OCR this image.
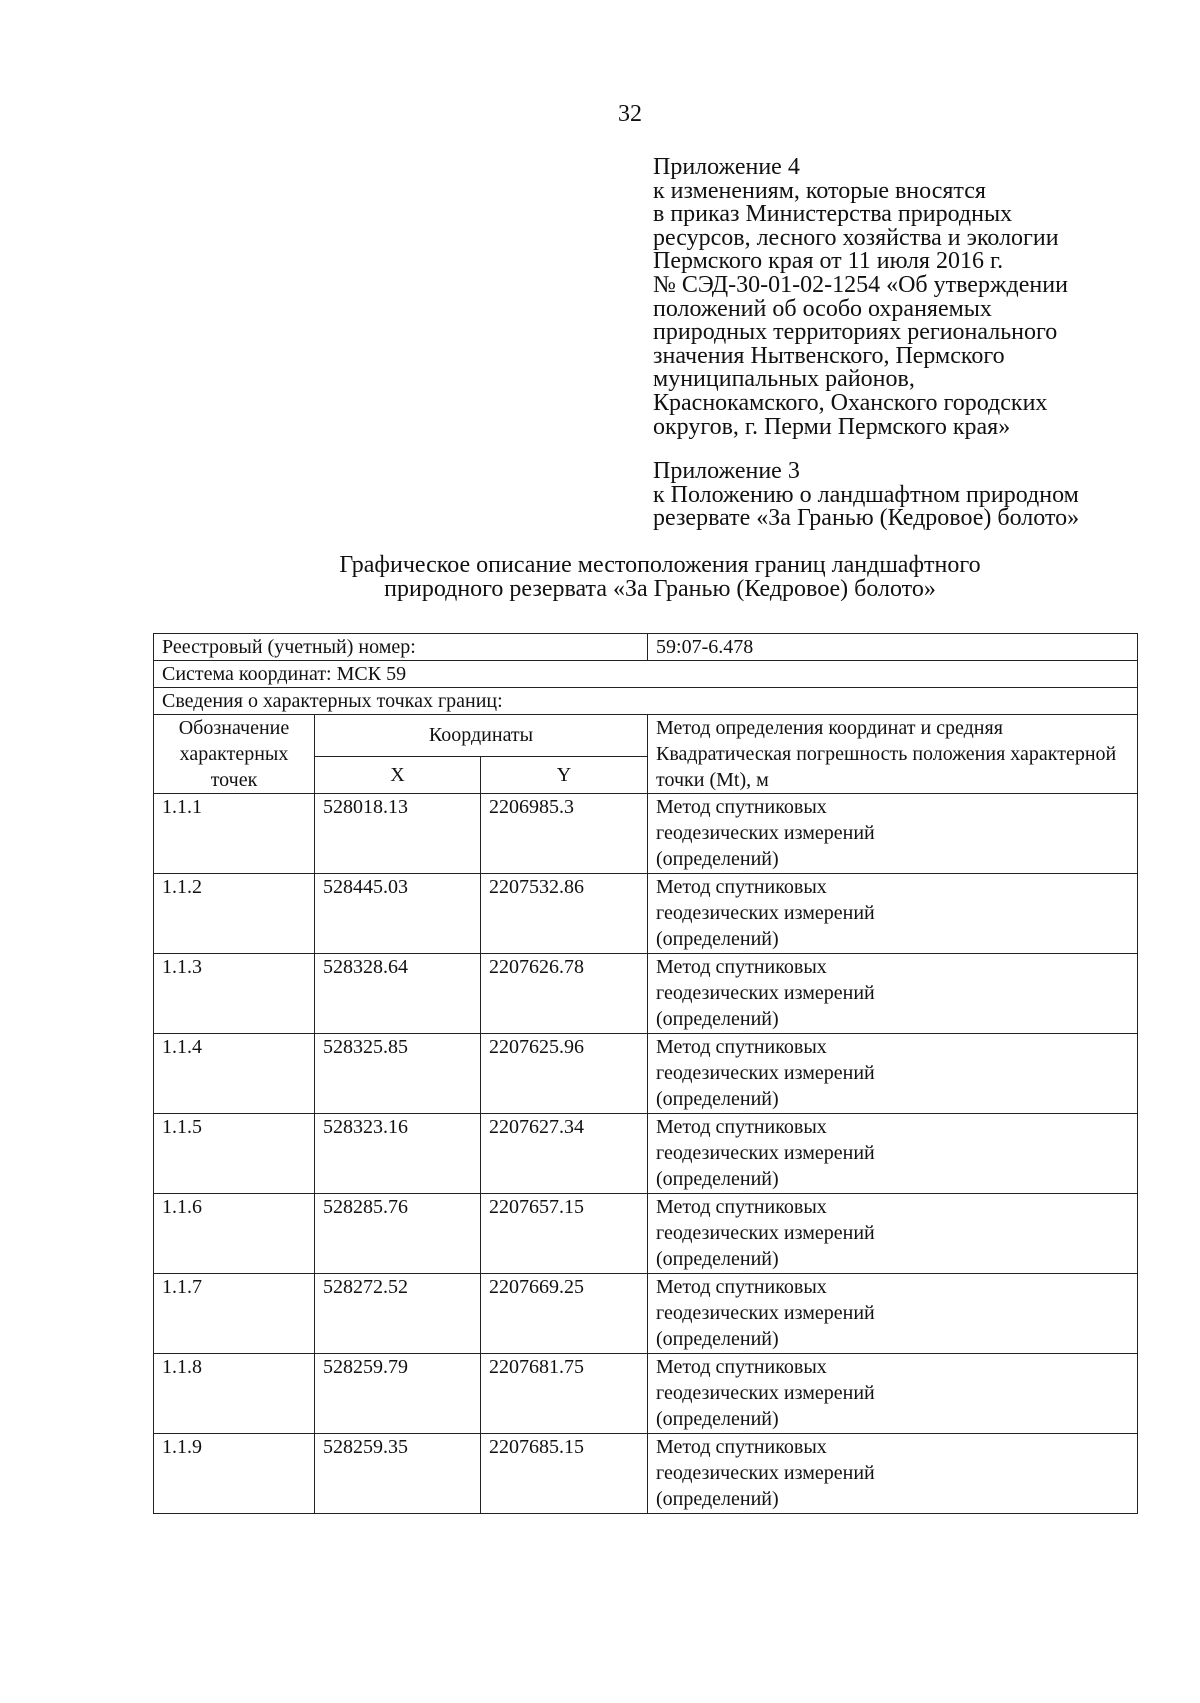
32
Приложение 4
к изменениям, которые вносятся
в приказ Министерства природных
ресурсов, лесного хозяйства и экологии
Пермского края от 11 июля 2016 г.
№ СЭД-30-01-02-1254 «Об утверждении
положений об особо охраняемых
природных территориях регионального
значения Нытвенского, Пермского
муниципальных районов,
Краснокамского, Оханского городских
округов, г. Перми Пермского края»
Приложение 3
к Положению о ландшафтном природном
резервате «За Гранью (Кедровое) болото»
Графическое описание местоположения границ ландшафтного
природного резервата «За Гранью (Кедровое) болото»
Реестровый (учетный) номер:			59:07-6.478
Система координат: МСК 59			
Сведения о характерных точках границ:			
Обозначение характерных точек	Координаты		Метод определения координат и средняя Квадратическая погрешность положения характерной точки (Mt), м
	X	Y	
1.1.1	528018.13	2206985.3	Метод спутниковых
геодезических измерений
(определений)

1.1.2	528445.03	2207532.86	Метод спутниковых
геодезических измерений
(определений)

1.1.3	528328.64	2207626.78	Метод спутниковых
геодезических измерений
(определений)

1.1.4	528325.85	2207625.96	Метод спутниковых
геодезических измерений
(определений)

1.1.5	528323.16	2207627.34	Метод спутниковых
геодезических измерений
(определений)

1.1.6	528285.76	2207657.15	Метод спутниковых
геодезических измерений
(определений)

1.1.7	528272.52	2207669.25	Метод спутниковых
геодезических измерений
(определений)

1.1.8	528259.79	2207681.75	Метод спутниковых
геодезических измерений
(определений)

1.1.9	528259.35	2207685.15	Метод спутниковых
геодезических измерений
(определений)
